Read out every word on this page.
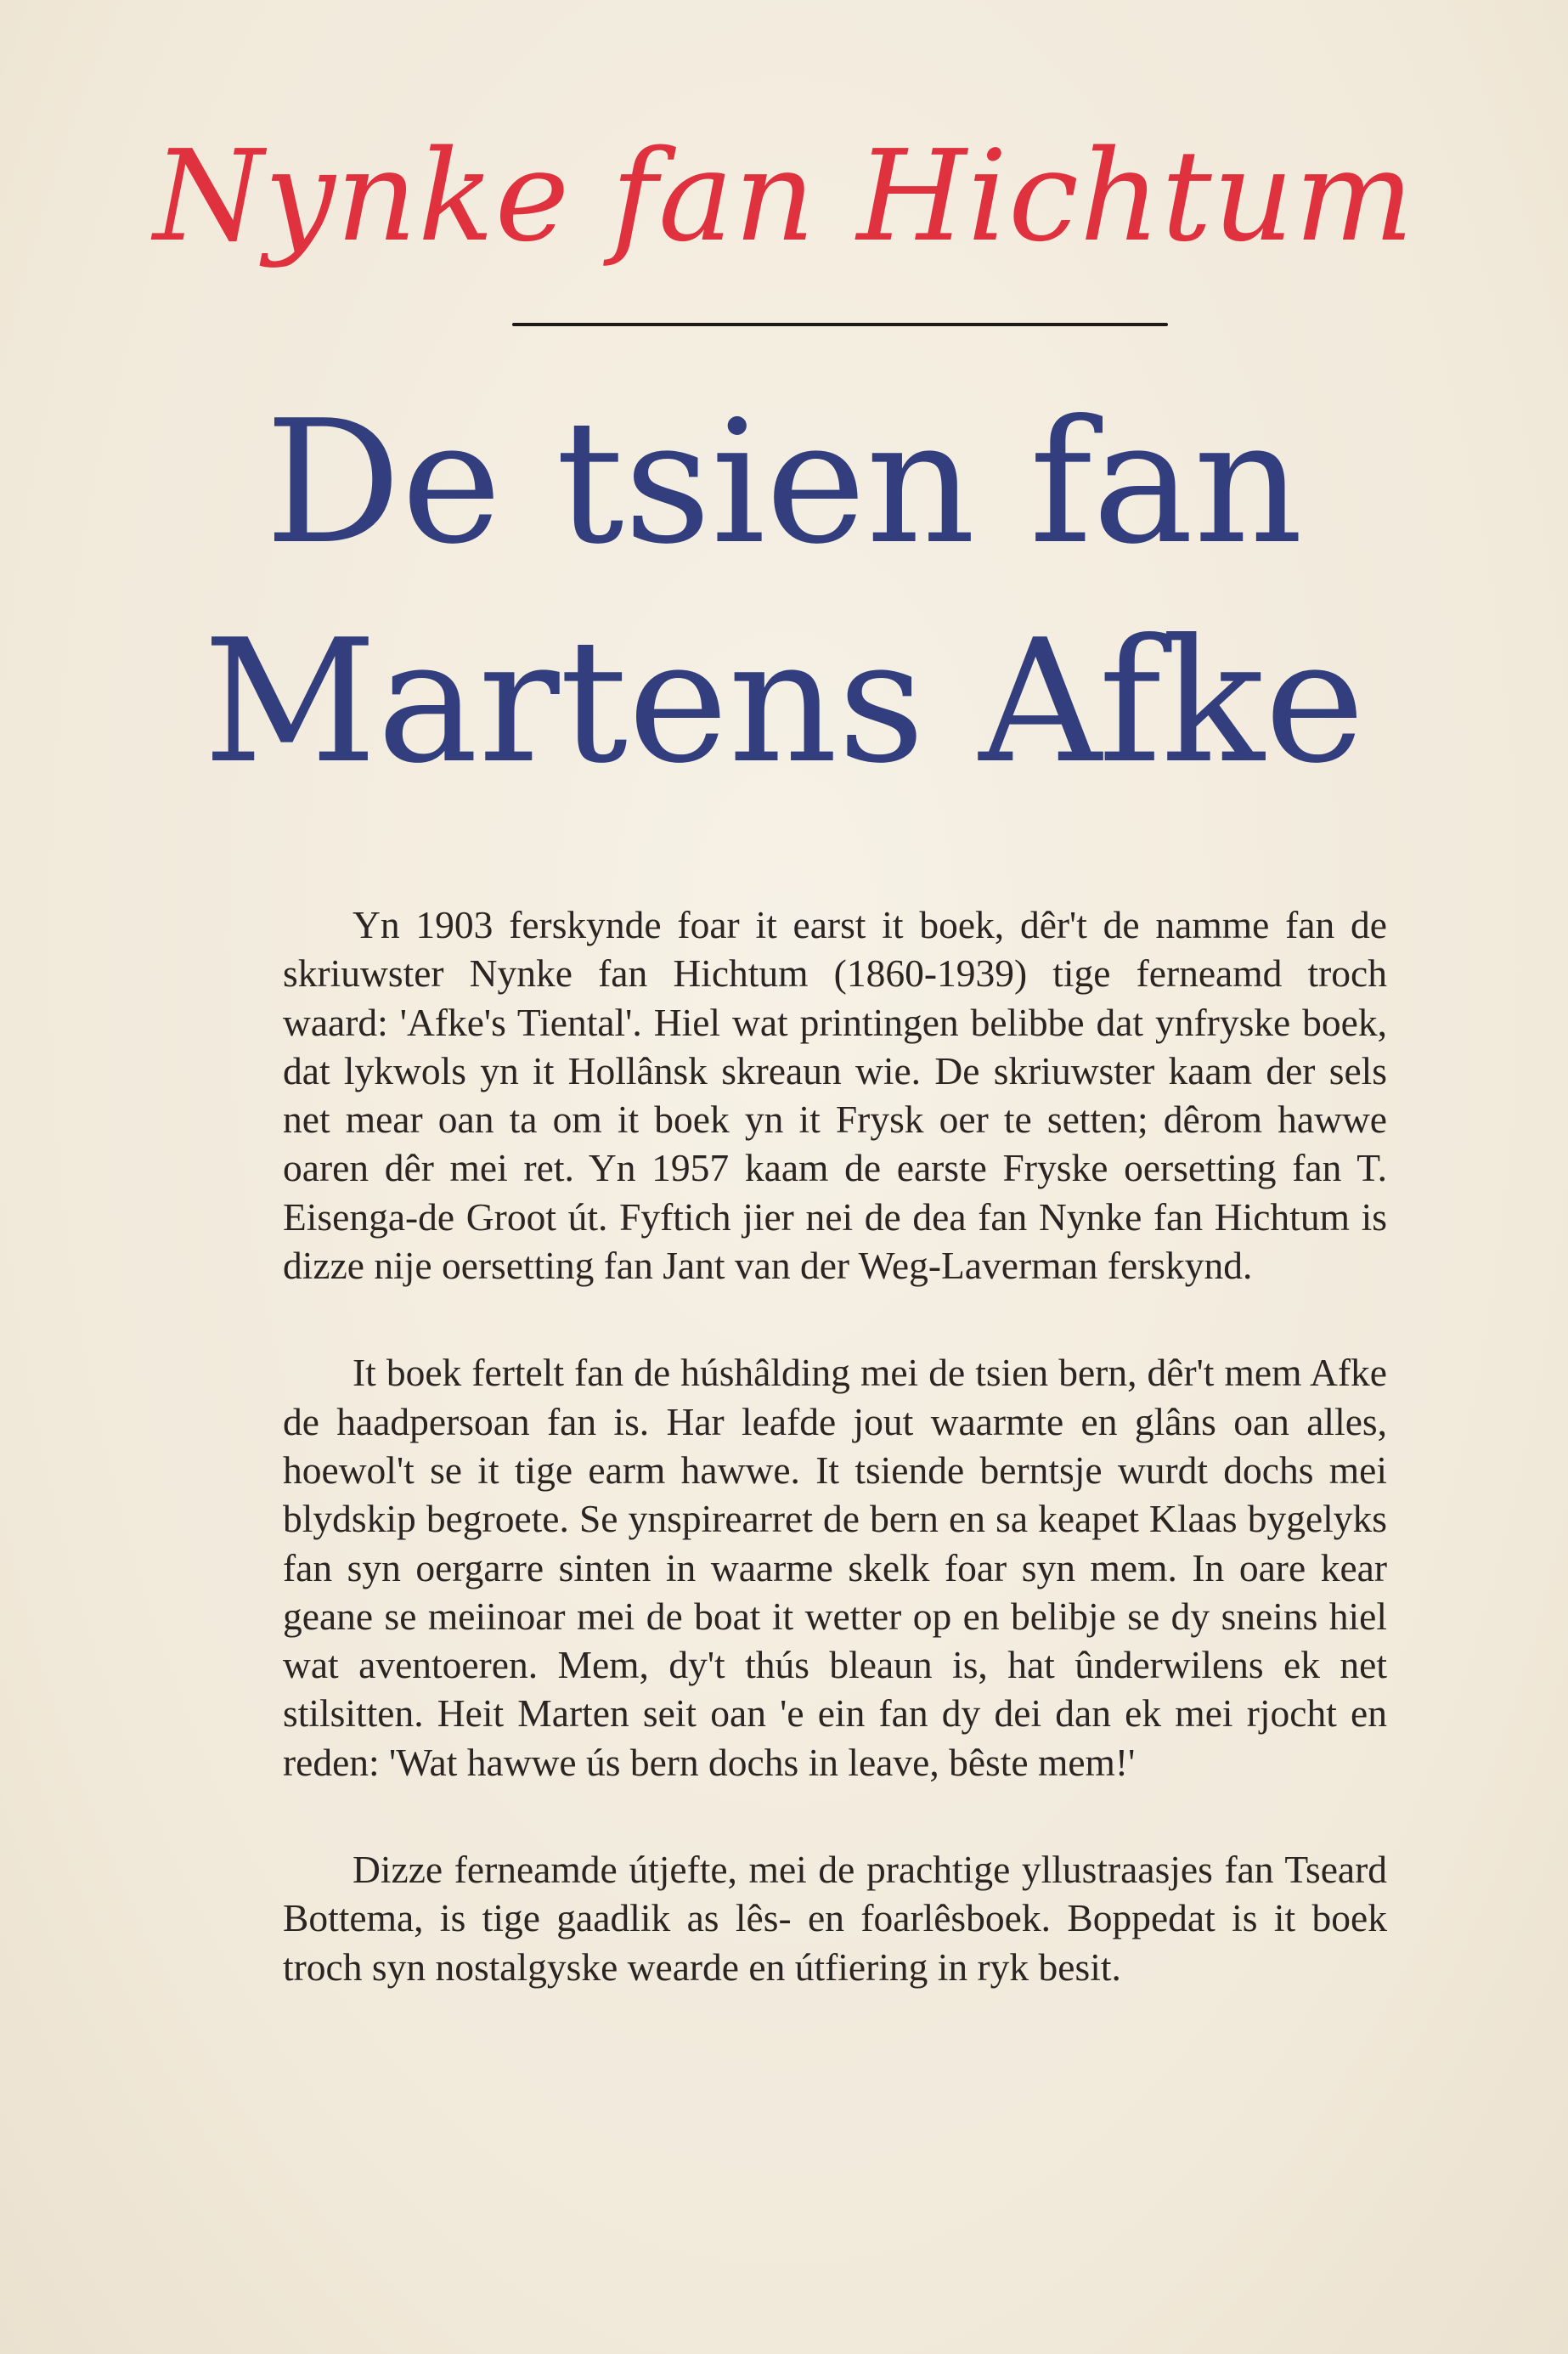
Nynke fan Hichtum
De tsien fan
Martens Afke

Yn 1903 ferskynde foar it earst it boek, dêr't de namme fan de skriuwster Nynke fan Hichtum (1860-1939) tige ferneamd troch waard: 'Afke's Tiental'. Hiel wat printingen belibbe dat ynfryske boek, dat lykwols yn it Hollânsk skreaun wie. De skriuwster kaam der sels net mear oan ta om it boek yn it Frysk oer te setten; dêrom hawwe oaren dêr mei ret. Yn 1957 kaam de earste Fryske oersetting fan T. Eisenga-de Groot út. Fyftich jier nei de dea fan Nynke fan Hichtum is dizze nije oersetting fan Jant van der Weg-Laverman ferskynd.

It boek fertelt fan de húshâlding mei de tsien bern, dêr't mem Afke de haadpersoan fan is. Har leafde jout waarmte en glâns oan alles, hoewol't se it tige earm hawwe. It tsiende berntsje wurdt dochs mei blydskip begroete. Se ynspirearret de bern en sa keapet Klaas bygelyks fan syn oergarre sinten in waarme skelk foar syn mem. In oare kear geane se meiinoar mei de boat it wetter op en belibje se dy sneins hiel wat aventoeren. Mem, dy't thús bleaun is, hat ûnderwilens ek net stilsitten. Heit Marten seit oan 'e ein fan dy dei dan ek mei rjocht en reden: 'Wat hawwe ús bern dochs in leave, bêste mem!'

Dizze ferneamde útjefte, mei de prachtige yllustraasjes fan Tseard Bottema, is tige gaadlik as lês- en foarlêsboek. Boppedat is it boek troch syn nostalgyske wearde en útfiering in ryk besit.
